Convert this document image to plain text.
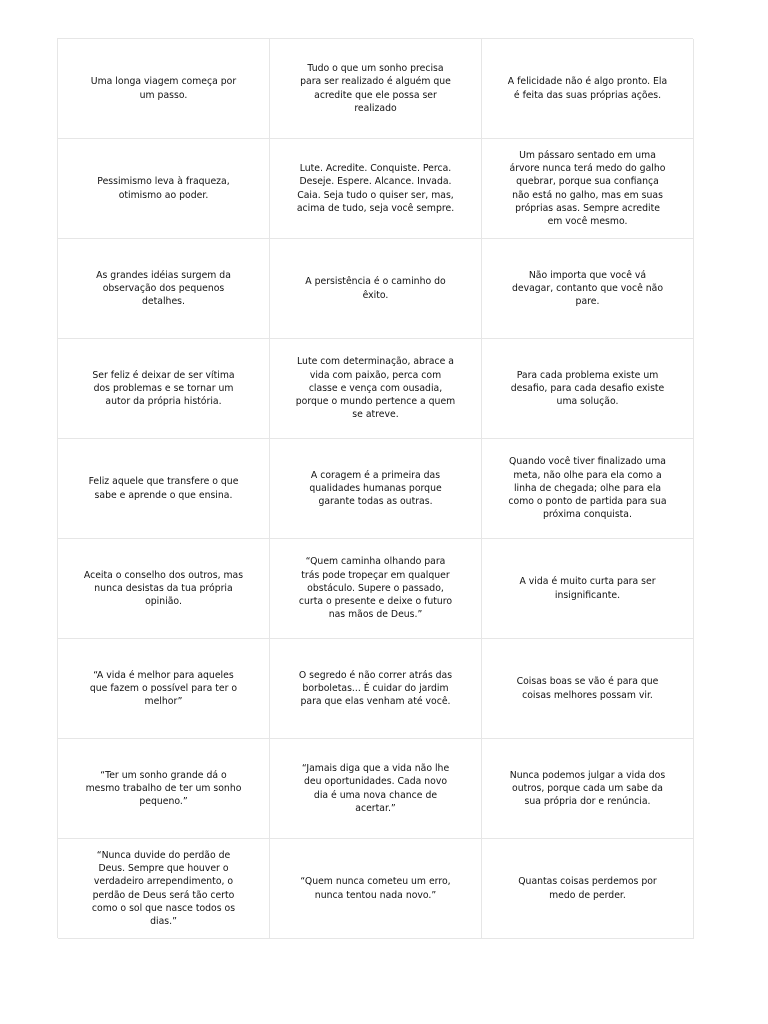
Uma longa viagem começa por um passo.
Tudo o que um sonho precisa para ser realizado é alguém que acredite que ele possa ser realizado
A felicidade não é algo pronto. Ela é feita das suas próprias ações.
Pessimismo leva à fraqueza, otimismo ao poder.
Lute. Acredite. Conquiste. Perca. Deseje. Espere. Alcance. Invada. Caia. Seja tudo o quiser ser, mas, acima de tudo, seja você sempre.
Um pássaro sentado em uma árvore nunca terá medo do galho quebrar, porque sua confiança não está no galho, mas em suas próprias asas. Sempre acredite em você mesmo.
As grandes idéias surgem da observação dos pequenos detalhes.
A persistência é o caminho do êxito.
Não importa que você vá devagar, contanto que você não pare.
Ser feliz é deixar de ser vítima dos problemas e se tornar um autor da própria história.
Lute com determinação, abrace a vida com paixão, perca com classe e vença com ousadia, porque o mundo pertence a quem se atreve.
Para cada problema existe um desafio, para cada desafio existe uma solução.
Feliz aquele que transfere o que sabe e aprende o que ensina.
A coragem é a primeira das qualidades humanas porque garante todas as outras.
Quando você tiver finalizado uma meta, não olhe para ela como a linha de chegada; olhe para ela como o ponto de partida para sua próxima conquista.
Aceita o conselho dos outros, mas nunca desistas da tua própria opinião.
“Quem caminha olhando para trás pode tropeçar em qualquer obstáculo. Supere o passado, curta o presente e deixe o futuro nas mãos de Deus.”
A vida é muito curta para ser insignificante.
“A vida é melhor para aqueles que fazem o possível para ter o melhor”
O segredo é não correr atrás das borboletas... É cuidar do jardim para que elas venham até você.
Coisas boas se vão é para que coisas melhores possam vir.
“Ter um sonho grande dá o mesmo trabalho de ter um sonho pequeno.”
“Jamais diga que a vida não lhe deu oportunidades. Cada novo dia é uma nova chance de acertar.”
Nunca podemos julgar a vida dos outros, porque cada um sabe da sua própria dor e renúncia.
“Nunca duvide do perdão de Deus. Sempre que houver o verdadeiro arrependimento, o perdão de Deus será tão certo como o sol que nasce todos os dias.”
“Quem nunca cometeu um erro, nunca tentou nada novo.”
Quantas coisas perdemos por medo de perder.
